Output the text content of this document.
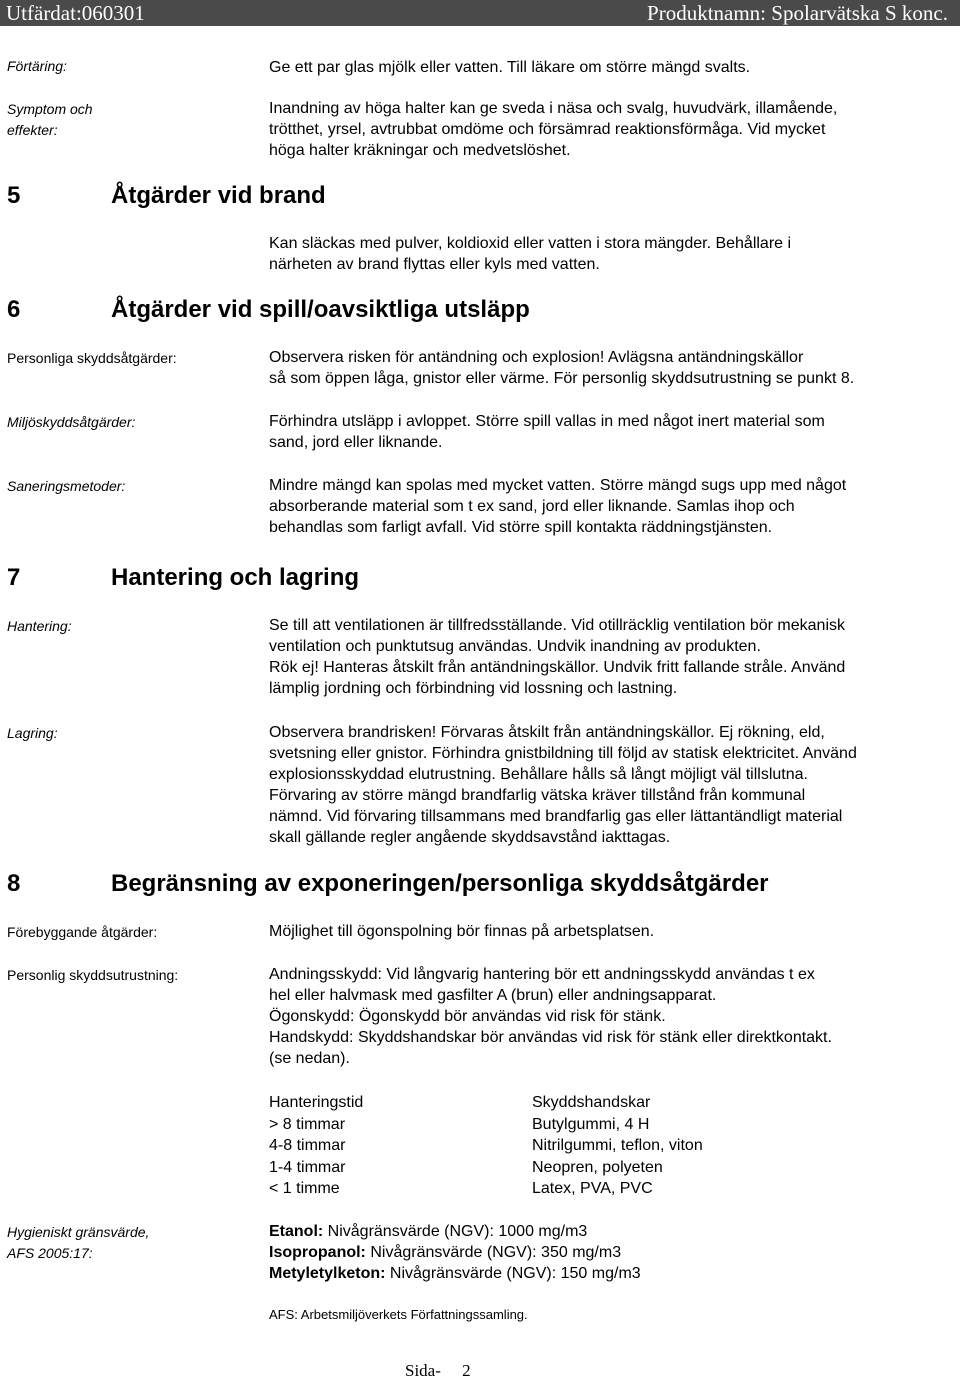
Utfärdat:060301	Produktnamn: Spolarvätska S konc.
Förtäring:	Ge ett par glas mjölk eller vatten. Till läkare om större mängd svalts.
Symptom och
effekter:
Inandning av höga halter kan ge sveda i näsa och svalg, huvudvärk, illamående,
trötthet, yrsel, avtrubbat omdöme och försämrad reaktionsförmåga. Vid mycket
höga halter kräkningar och medvetslöshet.
5	Åtgärder vid brand
Kan släckas med pulver, koldioxid eller vatten i stora mängder. Behållare i
närheten av brand flyttas eller kyls med vatten.
6	Åtgärder vid spill/oavsiktliga utsläpp
Personliga skyddsåtgärder:	Observera risken för antändning och explosion! Avlägsna antändningskällor
så som öppen låga, gnistor eller värme. För personlig skyddsutrustning se punkt 8.
Miljöskyddsåtgärder:	Förhindra utsläpp i avloppet. Större spill vallas in med något inert material som
sand, jord eller liknande.
Saneringsmetoder:	Mindre mängd kan spolas med mycket vatten. Större mängd sugs upp med något
absorberande material som t ex sand, jord eller liknande. Samlas ihop och
behandlas som farligt avfall. Vid större spill kontakta räddningstjänsten.
7	Hantering och lagring
Hantering:	Se till att ventilationen är tillfredsställande. Vid otillräcklig ventilation bör mekanisk
ventilation och punktutsug användas. Undvik inandning av produkten.
Rök ej! Hanteras åtskilt från antändningskällor. Undvik fritt fallande stråle. Använd
lämplig jordning och förbindning vid lossning och lastning.
Lagring:	Observera brandrisken! Förvaras åtskilt från antändningskällor. Ej rökning, eld,
svetsning eller gnistor. Förhindra gnistbildning till följd av statisk elektricitet. Använd
explosionsskyddad elutrustning. Behållare hålls så långt möjligt väl tillslutna.
Förvaring av större mängd brandfarlig vätska kräver tillstånd från kommunal
nämnd. Vid förvaring tillsammans med brandfarlig gas eller lättantändligt material
skall gällande regler angående skyddsavstånd iakttagas.
8	Begränsning av exponeringen/personliga skyddsåtgärder
Förebyggande åtgärder:	Möjlighet till ögonspolning bör finnas på arbetsplatsen.
Personlig skyddsutrustning:	Andningsskydd: Vid långvarig hantering bör ett andningsskydd användas t ex
hel eller halvmask med gasfilter A (brun) eller andningsapparat.
Ögonskydd: Ögonskydd bör användas vid risk för stänk.
Handskydd: Skyddshandskar bör användas vid risk för stänk eller direktkontakt.
(se nedan).
Hanteringstid	Skyddshandskar
> 8 timmar	Butylgummi, 4 H
4-8 timmar	Nitrilgummi, teflon, viton
1-4 timmar	Neopren, polyeten
< 1 timme	Latex, PVA, PVC
Hygieniskt gränsvärde,
AFS 2005:17:
Etanol: Nivågränsvärde (NGV): 1000 mg/m3
Isopropanol: Nivågränsvärde (NGV): 350 mg/m3
Metyletylketon: Nivågränsvärde (NGV): 150 mg/m3
AFS: Arbetsmiljöverkets Författningssamling.
Sida- 2
